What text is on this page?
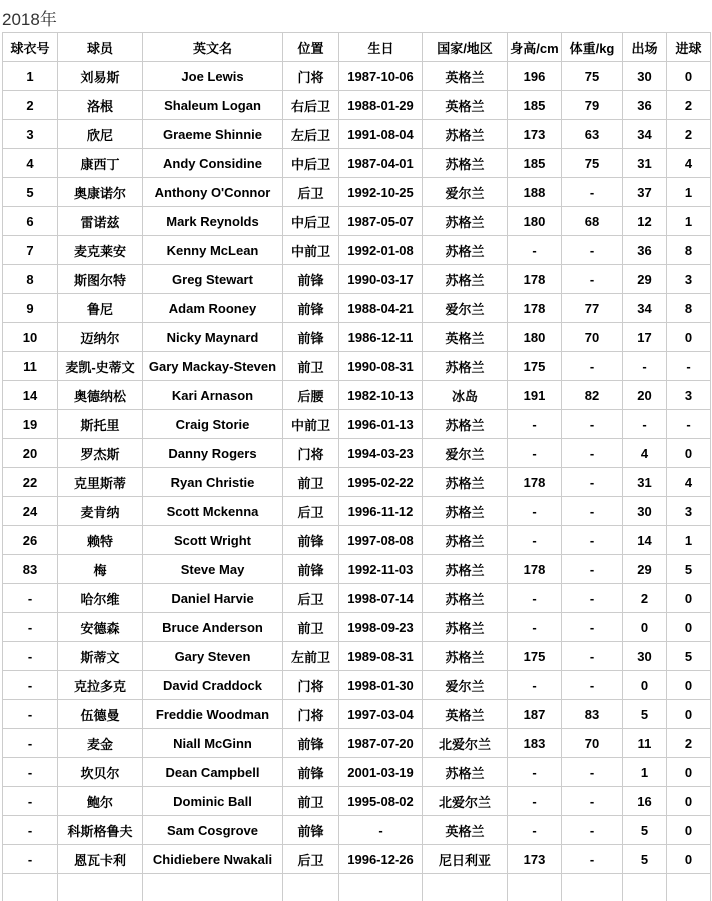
2018年
球衣号	球员	英文名	位置	生日	国家/地区	身高/cm	体重/kg	出场	进球
1	刘易斯	Joe Lewis	门将	1987-10-06	英格兰	196	75	30	0
2	洛根	Shaleum Logan	右后卫	1988-01-29	英格兰	185	79	36	2
3	欣尼	Graeme Shinnie	左后卫	1991-08-04	苏格兰	173	63	34	2
4	康西丁	Andy Considine	中后卫	1987-04-01	苏格兰	185	75	31	4
5	奥康诺尔	Anthony O'Connor	后卫	1992-10-25	爱尔兰	188	-	37	1
6	雷诺兹	Mark Reynolds	中后卫	1987-05-07	苏格兰	180	68	12	1
7	麦克莱安	Kenny McLean	中前卫	1992-01-08	苏格兰	-	-	36	8
8	斯图尔特	Greg Stewart	前锋	1990-03-17	苏格兰	178	-	29	3
9	鲁尼	Adam Rooney	前锋	1988-04-21	爱尔兰	178	77	34	8
10	迈纳尔	Nicky Maynard	前锋	1986-12-11	英格兰	180	70	17	0
11	麦凯-史蒂文	Gary Mackay-Steven	前卫	1990-08-31	苏格兰	175	-	-	-
14	奥德纳松	Kari Arnason	后腰	1982-10-13	冰岛	191	82	20	3
19	斯托里	Craig Storie	中前卫	1996-01-13	苏格兰	-	-	-	-
20	罗杰斯	Danny Rogers	门将	1994-03-23	爱尔兰	-	-	4	0
22	克里斯蒂	Ryan Christie	前卫	1995-02-22	苏格兰	178	-	31	4
24	麦肯纳	Scott Mckenna	后卫	1996-11-12	苏格兰	-	-	30	3
26	赖特	Scott Wright	前锋	1997-08-08	苏格兰	-	-	14	1
83	梅	Steve May	前锋	1992-11-03	苏格兰	178	-	29	5
-	哈尔维	Daniel Harvie	后卫	1998-07-14	苏格兰	-	-	2	0
-	安德森	Bruce Anderson	前卫	1998-09-23	苏格兰	-	-	0	0
-	斯蒂文	Gary Steven	左前卫	1989-08-31	苏格兰	175	-	30	5
-	克拉多克	David Craddock	门将	1998-01-30	爱尔兰	-	-	0	0
-	伍德曼	Freddie Woodman	门将	1997-03-04	英格兰	187	83	5	0
-	麦金	Niall McGinn	前锋	1987-07-20	北爱尔兰	183	70	11	2
-	坎贝尔	Dean Campbell	前锋	2001-03-19	苏格兰	-	-	1	0
-	鲍尔	Dominic Ball	前卫	1995-08-02	北爱尔兰	-	-	16	0
-	科斯格鲁夫	Sam Cosgrove	前锋	-	英格兰	-	-	5	0
-	恩瓦卡利	Chidiebere Nwakali	后卫	1996-12-26	尼日利亚	173	-	5	0
